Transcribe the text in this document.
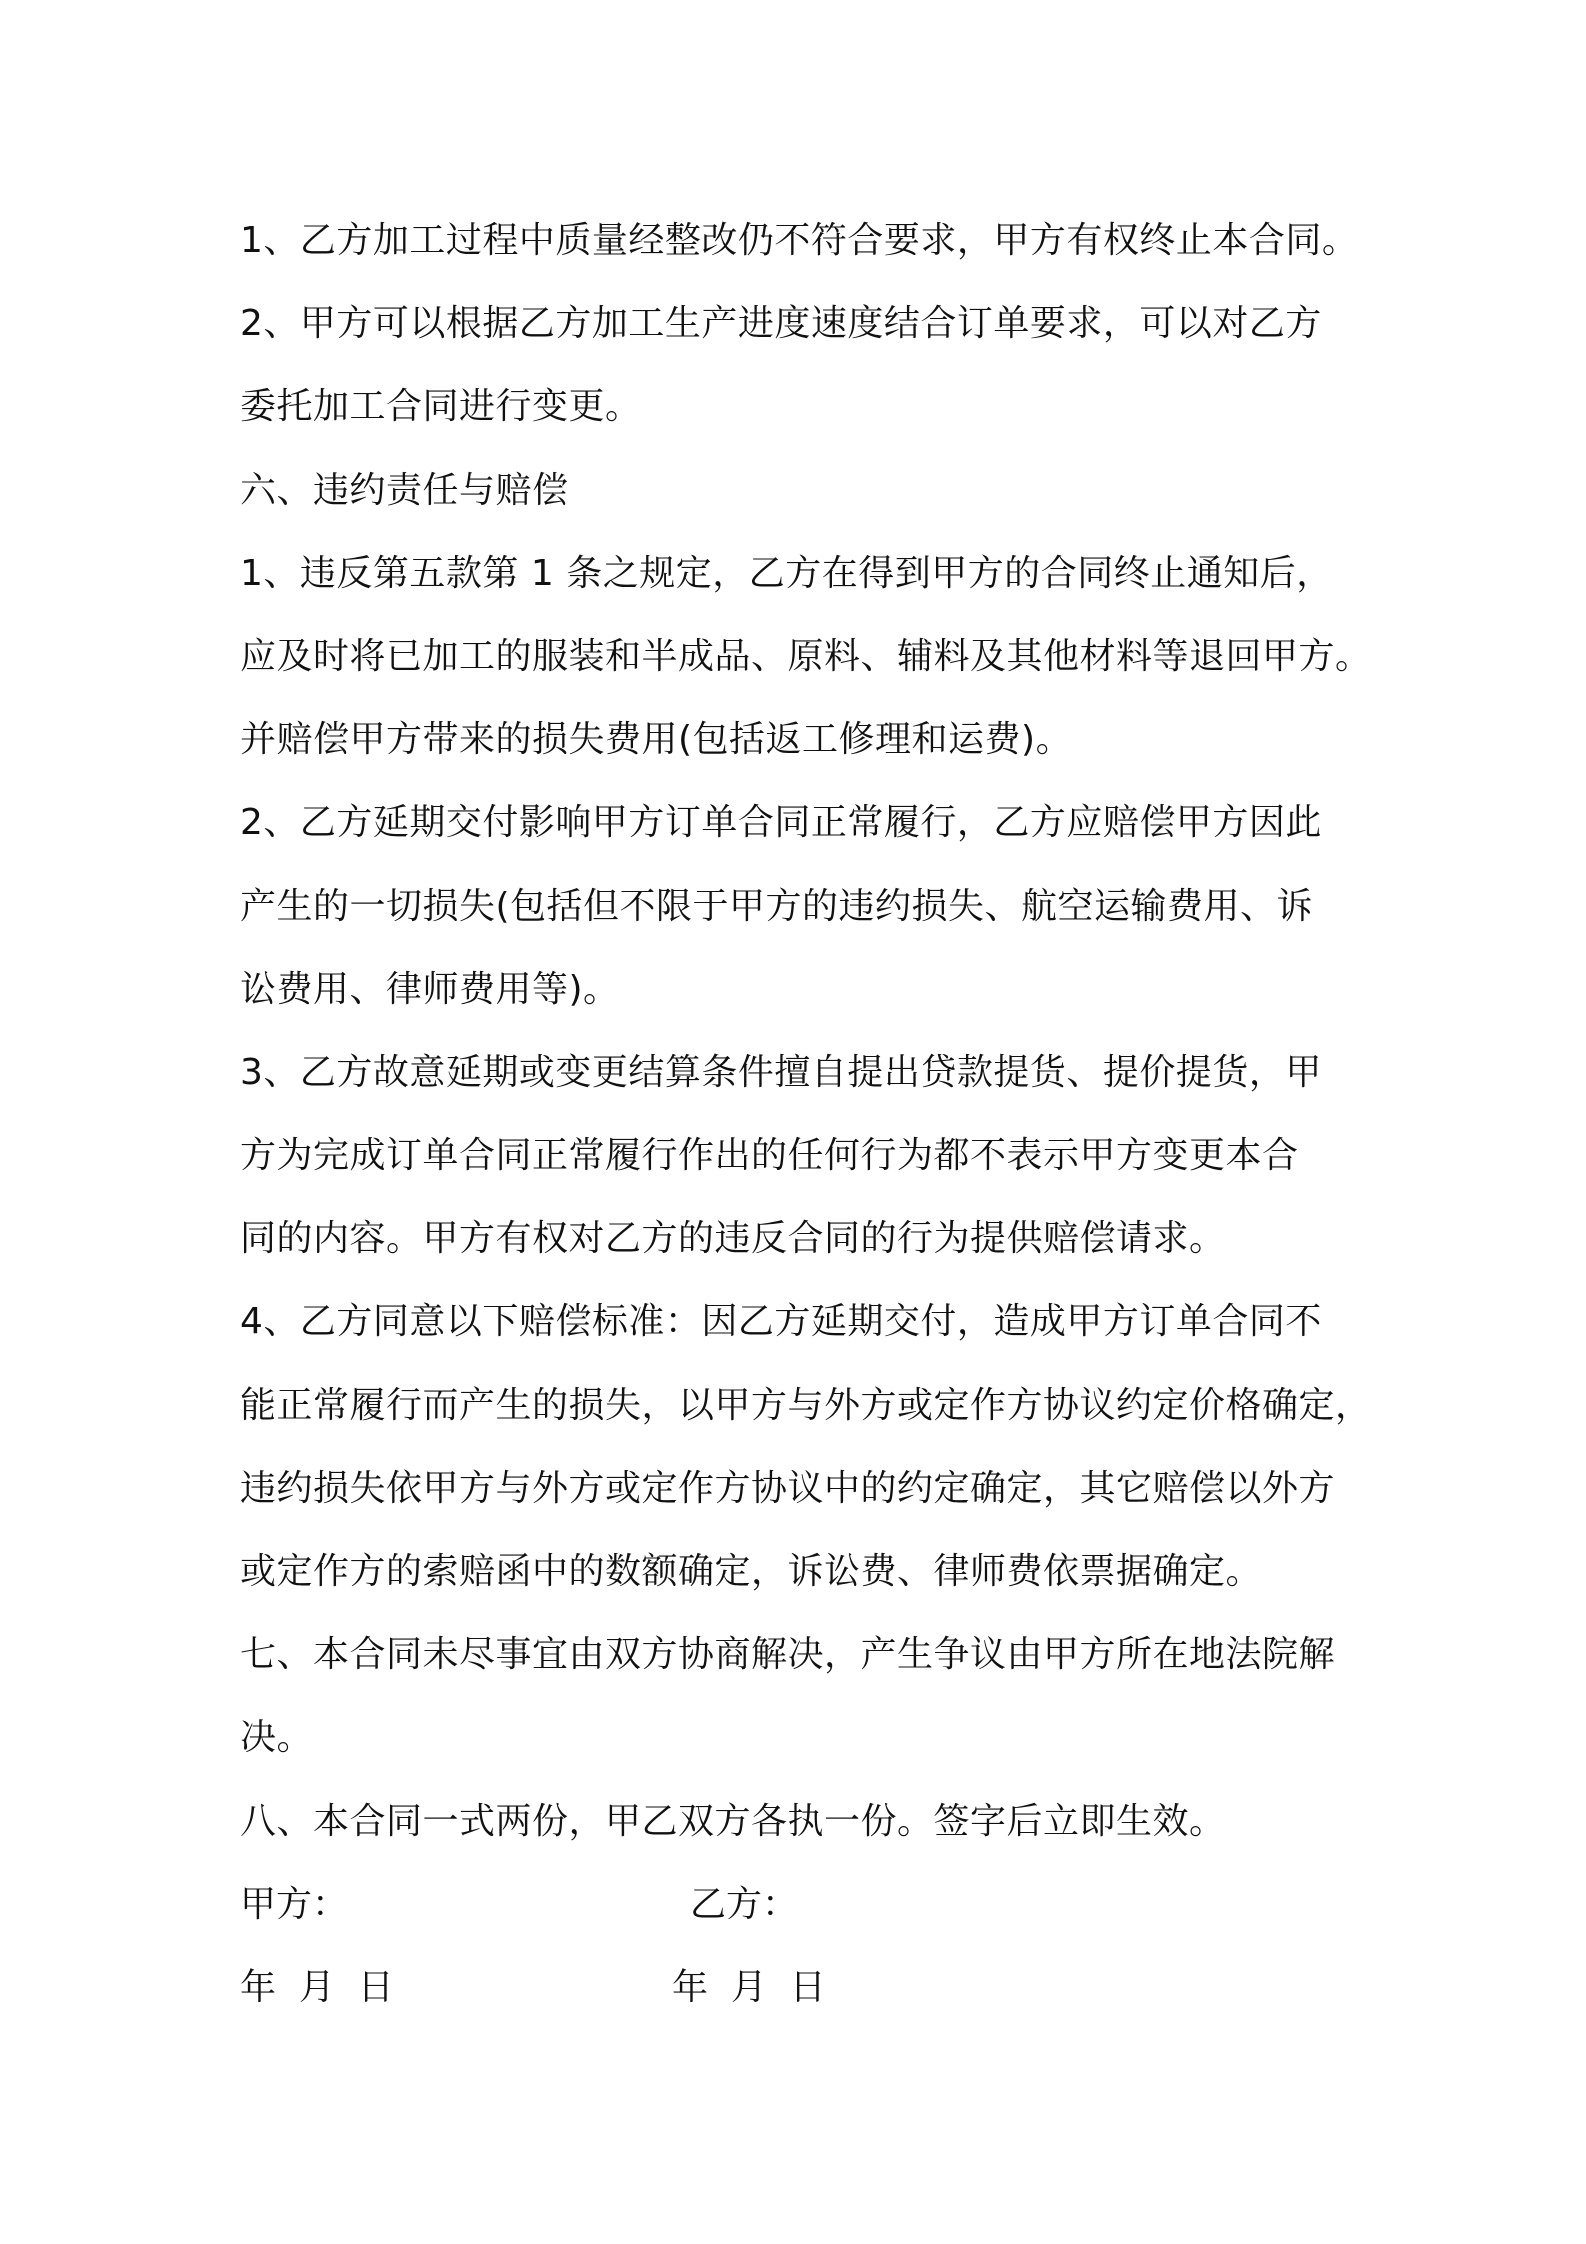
1、乙方加工过程中质量经整改仍不符合要求，甲方有权终止本合同。
2、甲方可以根据乙方加工生产进度速度结合订单要求，可以对乙方
委托加工合同进行变更。
六、违约责任与赔偿
1、违反第五款第 1 条之规定，乙方在得到甲方的合同终止通知后，
应及时将已加工的服装和半成品、原料、辅料及其他材料等退回甲方。
并赔偿甲方带来的损失费用(包括返工修理和运费)。
2、乙方延期交付影响甲方订单合同正常履行，乙方应赔偿甲方因此
产生的一切损失(包括但不限于甲方的违约损失、航空运输费用、诉
讼费用、律师费用等)。
3、乙方故意延期或变更结算条件擅自提出贷款提货、提价提货，甲
方为完成订单合同正常履行作出的任何行为都不表示甲方变更本合
同的内容。甲方有权对乙方的违反合同的行为提供赔偿请求。
4、乙方同意以下赔偿标准：因乙方延期交付，造成甲方订单合同不
能正常履行而产生的损失，以甲方与外方或定作方协议约定价格确定，
违约损失依甲方与外方或定作方协议中的约定确定，其它赔偿以外方
或定作方的索赔函中的数额确定，诉讼费、律师费依票据确定。
七、本合同未尽事宜由双方协商解决，产生争议由甲方所在地法院解
决。
八、本合同一式两份，甲乙双方各执一份。签字后立即生效。
甲方：	乙方：
年  月  日	年  月  日
